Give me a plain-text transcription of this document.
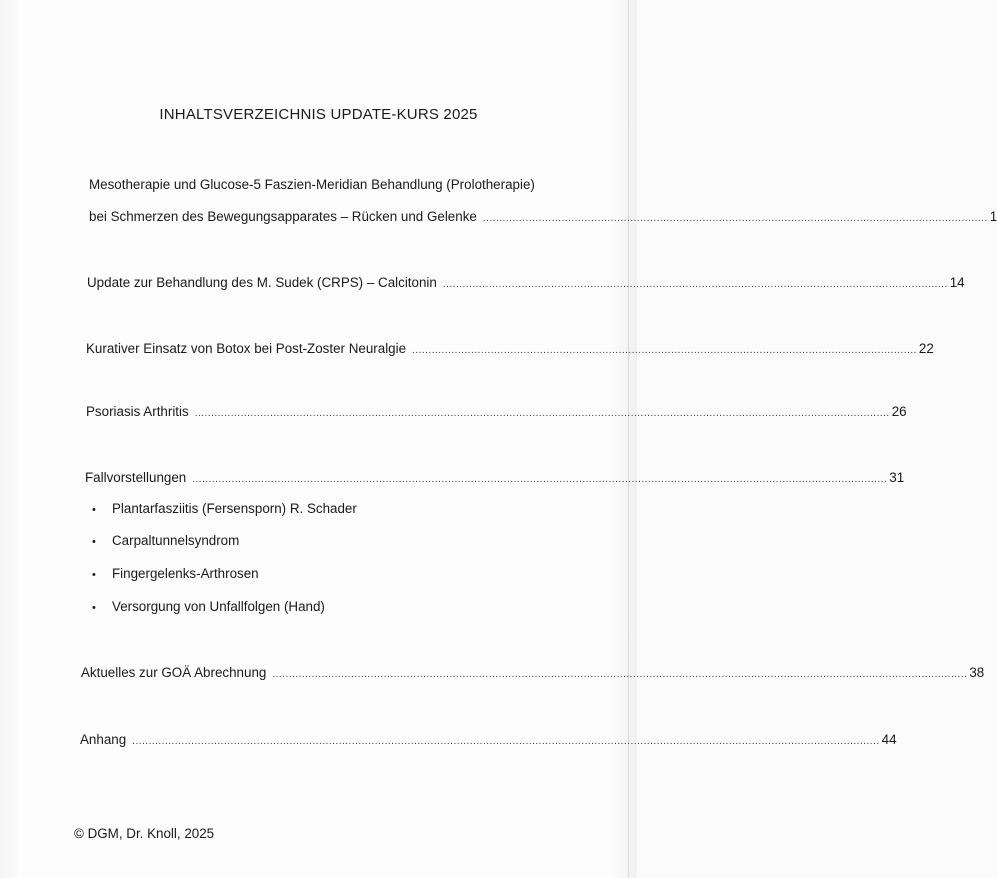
INHALTSVERZEICHNIS UPDATE-KURS 2025
Mesotherapie und Glucose-5 Faszien-Meridian Behandlung (Prolotherapie)
bei Schmerzen des Bewegungsapparates – Rücken und Gelenke .......................................................................................................................................................... 1
Update zur Behandlung des M. Sudek (CRPS) – Calcitonin .......................................................................................................................................................... 14
Kurativer Einsatz von Botox bei Post-Zoster Neuralgie .......................................................................................................................................................... 22
Psoriasis Arthritis .................................................................................................................................................................................................................... 26
Fallvorstellungen .................................................................................................................................................................................................................... 31
• Plantarfasziitis (Fersensporn) R. Schader
• Carpaltunnelsyndrom
• Fingergelenks-Arthrosen
• Versorgung von Unfallfolgen (Hand)
Aktuelles zur GOÄ Abrechnung .................................................................................................................................................................................................................... 38
Anhang .................................................................................................................................................................................................................................... 44
© DGM, Dr. Knoll, 2025
